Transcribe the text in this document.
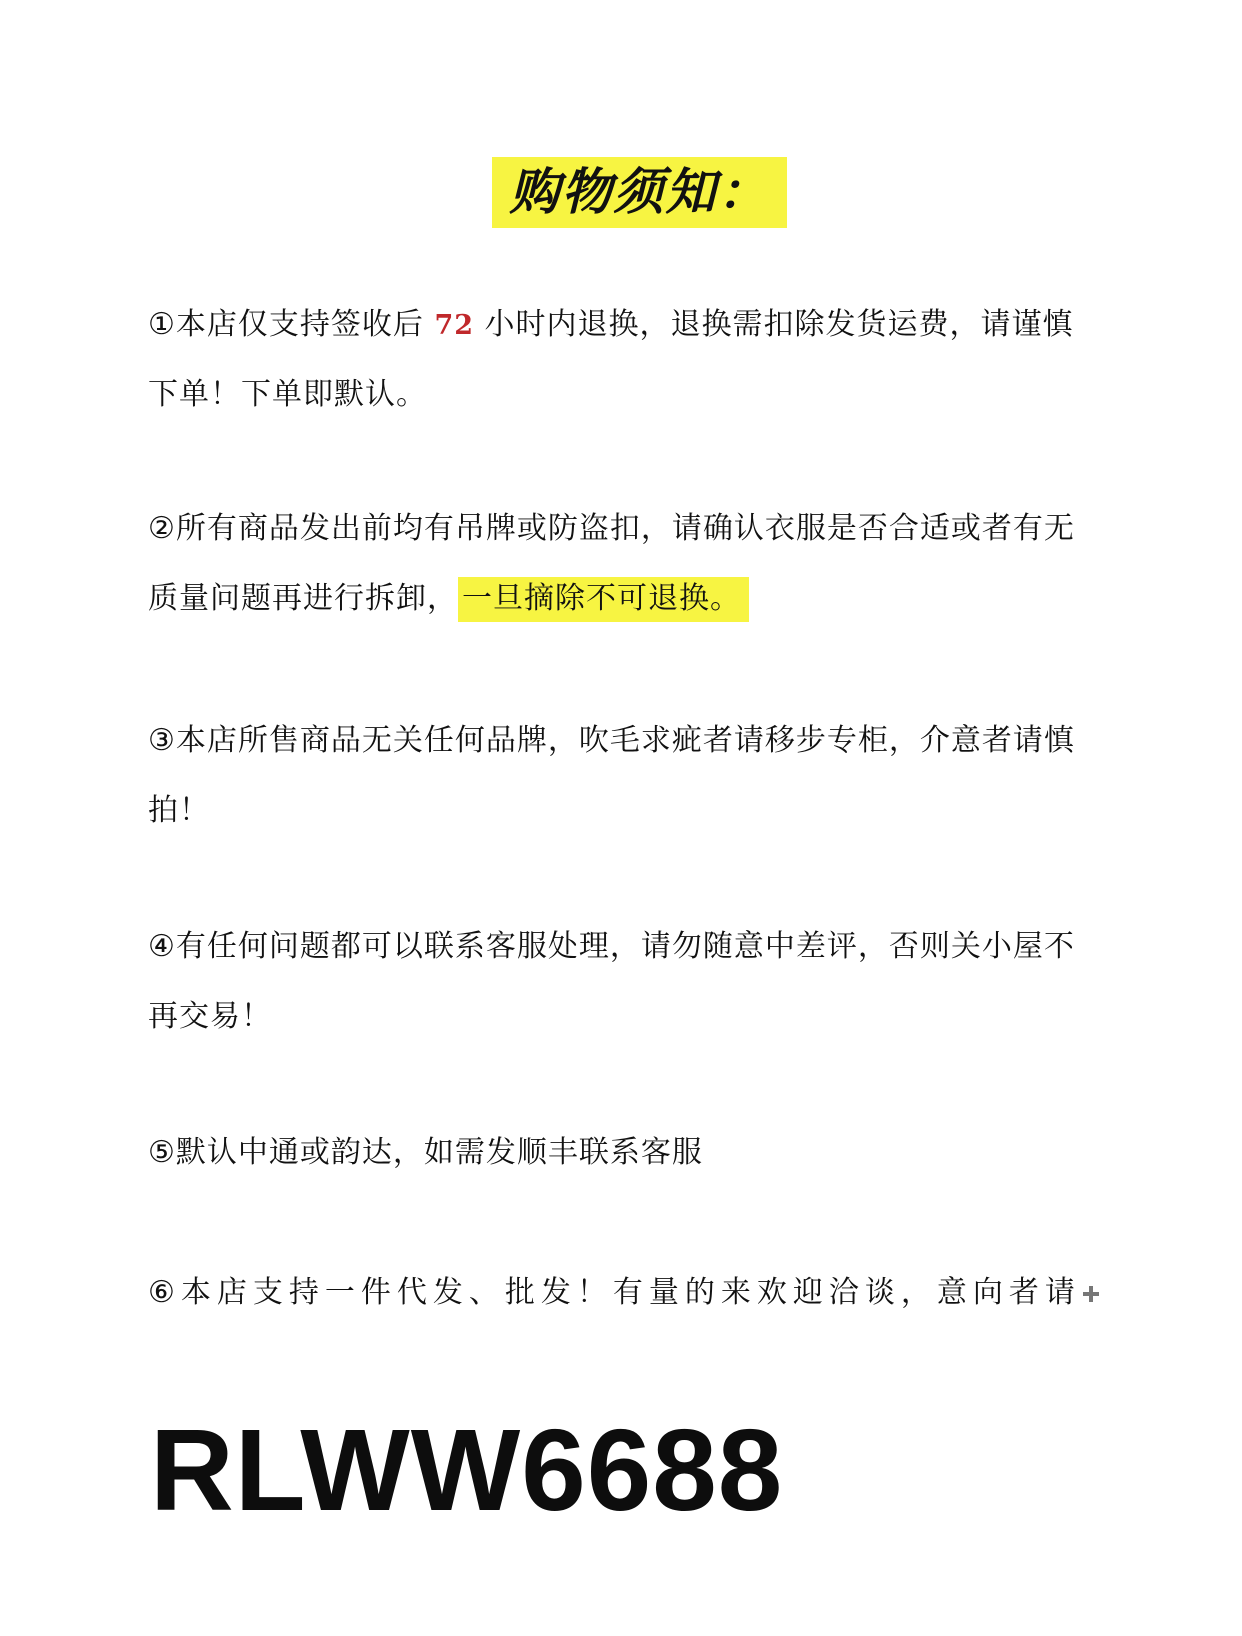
购物须知：
①本店仅支持签收后 72 小时内退换，退换需扣除发货运费，请谨慎
下单！下单即默认。
②所有商品发出前均有吊牌或防盗扣，请确认衣服是否合适或者有无
质量问题再进行拆卸， 一旦摘除不可退换。
③本店所售商品无关任何品牌，吹毛求疵者请移步专柜，介意者请慎
拍！
④有任何问题都可以联系客服处理，请勿随意中差评，否则关小屋不
再交易！
⑤默认中通或韵达，如需发顺丰联系客服
⑥本店支持一件代发、批发！有量的来欢迎洽谈，意向者请
RLWW6688
